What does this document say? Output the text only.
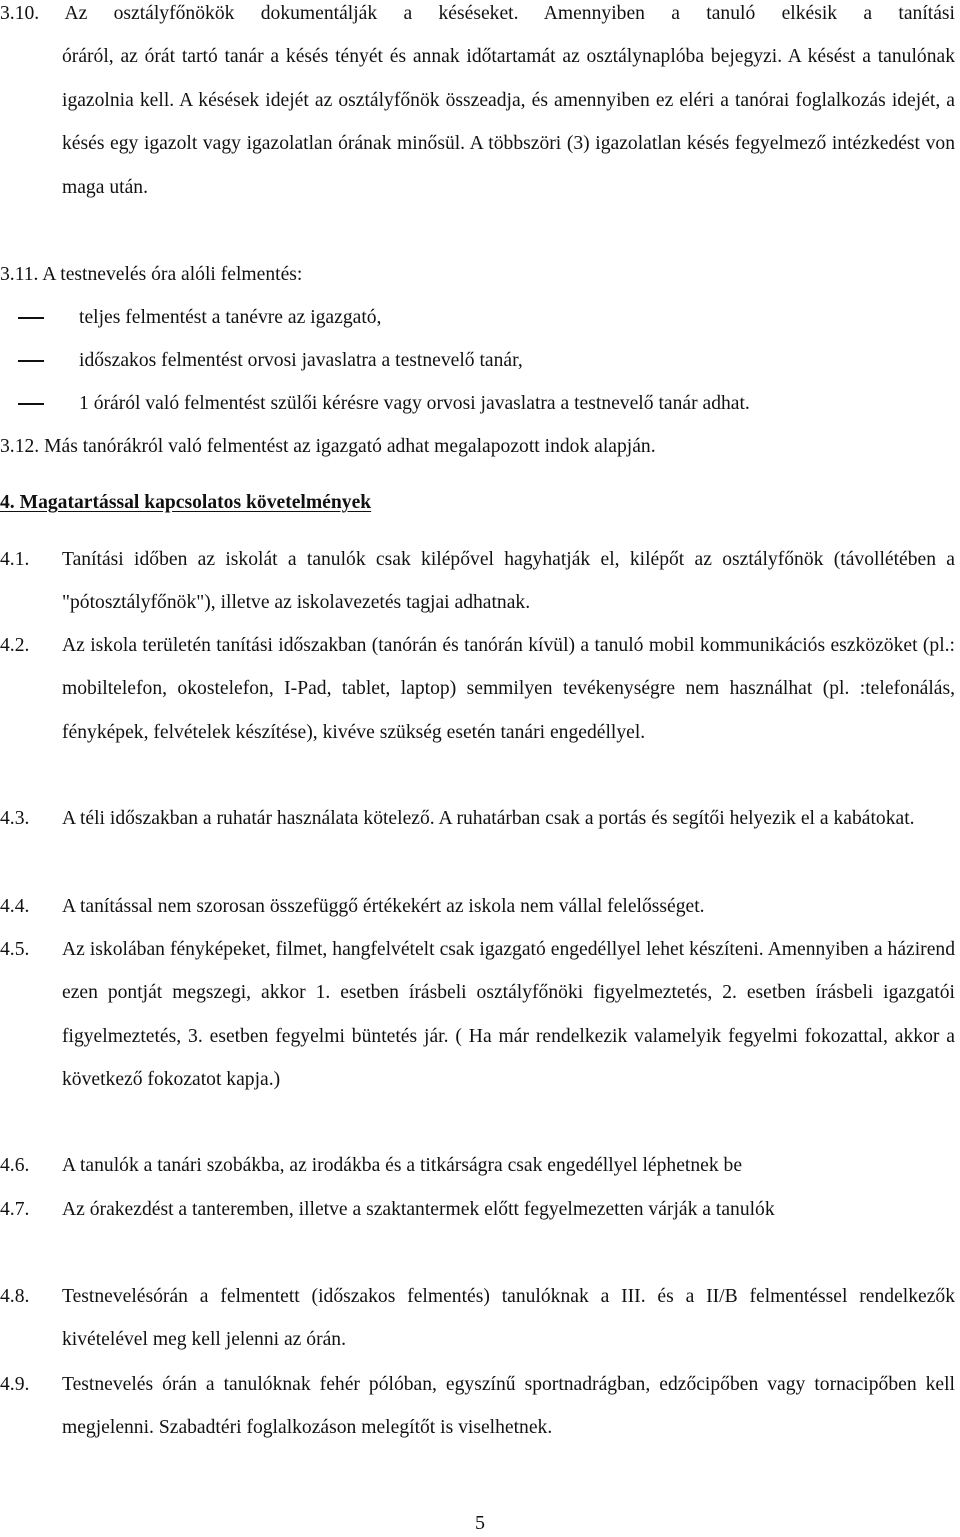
3.10. Az osztályfőnökök dokumentálják a késéseket. Amennyiben a tanuló elkésik a tanítási
óráról, az órát tartó tanár a késés tényét és annak időtartamát az osztálynaplóba bejegyzi. A késést a tanulónak igazolnia kell. A késések idejét az osztályfőnök összeadja, és amennyiben ez eléri a tanórai foglalkozás idejét, a késés egy igazolt vagy igazolatlan órának minősül. A többszöri (3) igazolatlan késés fegyelmező intézkedést von maga után.
3.11. A testnevelés óra alóli felmentés:
teljes felmentést a tanévre az igazgató,
időszakos felmentést orvosi javaslatra a testnevelő tanár,
1 óráról való felmentést szülői kérésre vagy orvosi javaslatra a testnevelő tanár adhat.
3.12. Más tanórákról való felmentést az igazgató adhat megalapozott indok alapján.
4. Magatartással kapcsolatos követelmények
4.1. Tanítási időben az iskolát a tanulók csak kilépővel hagyhatják el, kilépőt az osztályfőnök (távollétében a "pótosztályfőnök"), illetve az iskolavezetés tagjai adhatnak.
4.2. Az iskola területén tanítási időszakban (tanórán és tanórán kívül) a tanuló mobil kommunikációs eszközöket (pl.: mobiltelefon, okostelefon, I-Pad, tablet, laptop) semmilyen tevékenységre nem használhat (pl. :telefonálás, fényképek, felvételek készítése), kivéve szükség esetén tanári engedéllyel.
4.3. A téli időszakban a ruhatár használata kötelező. A ruhatárban csak a portás és segítői helyezik el a kabátokat.
4.4. A tanítással nem szorosan összefüggő értékekért az iskola nem vállal felelősséget.
4.5. Az iskolában fényképeket, filmet, hangfelvételt csak igazgató engedéllyel lehet készíteni. Amennyiben a házirend ezen pontját megszegi, akkor 1. esetben írásbeli osztályfőnöki figyelmeztetés, 2. esetben írásbeli igazgatói figyelmeztetés, 3. esetben fegyelmi büntetés jár. ( Ha már rendelkezik valamelyik fegyelmi fokozattal, akkor a következő fokozatot kapja.)
4.6. A tanulók a tanári szobákba, az irodákba és a titkárságra csak engedéllyel léphetnek be
4.7. Az órakezdést a tanteremben, illetve a szaktantermek előtt fegyelmezetten várják a tanulók
4.8. Testnevelésórán a felmentett (időszakos felmentés) tanulóknak a III. és a II/B felmentéssel rendelkezők kivételével meg kell jelenni az órán.
4.9. Testnevelés órán a tanulóknak fehér pólóban, egyszínű sportnadrágban, edzőcipőben vagy tornacipőben kell megjelenni. Szabadtéri foglalkozáson melegítőt is viselhetnek.
5
